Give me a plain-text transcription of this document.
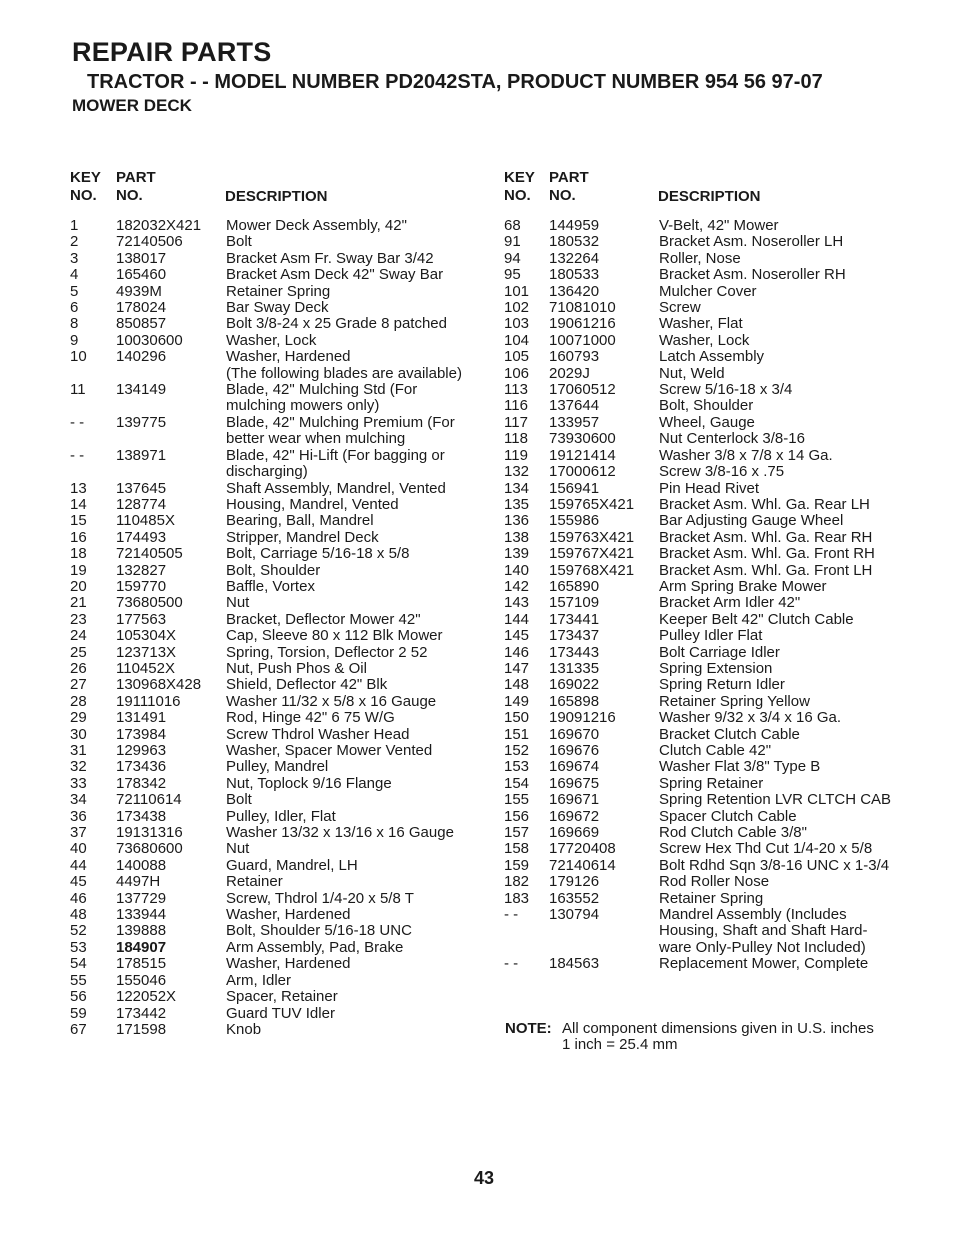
REPAIR PARTS
TRACTOR - - MODEL NUMBER PD2042STA, PRODUCT NUMBER 954 56 97-07
MOWER DECK
KEY
NO.
PART
NO.	DESCRIPTION
1	182032X421 Mower Deck Assembly, 42"
2	72140506	Bolt
3	138017	Bracket Asm Fr. Sway Bar 3/42
4	165460	Bracket Asm Deck 42" Sway Bar
5	4939M	Retainer Spring
6	178024	Bar Sway Deck
8	850857	Bolt 3/8-24 x 25 Grade 8 patched
9	10030600	Washer, Lock
10 140296	Washer, Hardened
(The following blades are available)
11 134149	Blade, 42" Mulching Std (For mulching mowers only)
- - 139775	Blade, 42" Mulching Premium (For better wear when mulching
- - 138971	Blade, 42" Hi-Lift (For bagging or discharging)
13 137645	Shaft Assembly, Mandrel, Vented
14 128774	Housing, Mandrel, Vented
15 110485X	Bearing, Ball, Mandrel
16 174493	Stripper, Mandrel Deck
18 72140505	Bolt, Carriage 5/16-18 x 5/8
19 132827	Bolt, Shoulder
20 159770	Baffle, Vortex
21 73680500	Nut
23 177563	Bracket, Deflector Mower 42"
24 105304X	Cap, Sleeve 80 x 112 Blk Mower
25 123713X	Spring, Torsion, Deflector 2 52
26 110452X	Nut, Push Phos & Oil
27 130968X428 Shield, Deflector 42" Blk
28 19111016	Washer 11/32 x 5/8 x 16 Gauge
29 131491	Rod, Hinge 42" 6 75 W/G
30 173984	Screw Thdrol Washer Head
31 129963	Washer, Spacer Mower Vented
32 173436	Pulley, Mandrel
33 178342	Nut, Toplock 9/16 Flange
34 72110614	Bolt
36 173438	Pulley, Idler, Flat
37 19131316	Washer 13/32 x 13/16 x 16 Gauge
40 73680600	Nut
44 140088	Guard, Mandrel, LH
45 4497H	Retainer
46 137729	Screw, Thdrol 1/4-20 x 5/8 T
48 133944	Washer, Hardened
52 139888	Bolt, Shoulder 5/16-18 UNC
53 184907	Arm Assembly, Pad, Brake
54 178515	Washer, Hardened
55 155046	Arm, Idler
56 122052X	Spacer, Retainer
59 173442	Guard TUV Idler
67 171598	Knob
KEY
NO.
PART
NO.	DESCRIPTION
68 144959	V-Belt, 42" Mower
91 180532	Bracket Asm. Noseroller LH
94 132264	Roller, Nose
95 180533	Bracket Asm. Noseroller RH
101 136420	Mulcher Cover
102 71081010	Screw
103 19061216	Washer, Flat
104 10071000	Washer, Lock
105 160793	Latch Assembly
106 2029J	Nut, Weld
113 17060512	Screw 5/16-18 x 3/4
116 137644	Bolt, Shoulder
117 133957	Wheel, Gauge
118 73930600	Nut Centerlock 3/8-16
119 19121414	Washer 3/8 x 7/8 x 14 Ga.
132 17000612	Screw 3/8-16 x .75
134 156941	Pin Head Rivet
135 159765X421 Bracket Asm. Whl. Ga. Rear LH
136 155986	Bar Adjusting Gauge Wheel
138 159763X421 Bracket Asm. Whl. Ga. Rear RH
139 159767X421 Bracket Asm. Whl. Ga. Front RH
140 159768X421 Bracket Asm. Whl. Ga. Front LH
142 165890	Arm Spring Brake Mower
143 157109	Bracket Arm Idler 42"
144 173441	Keeper Belt 42" Clutch Cable
145 173437	Pulley Idler Flat
146 173443	Bolt Carriage Idler
147 131335	Spring Extension
148 169022	Spring Return Idler
149 165898	Retainer Spring Yellow
150 19091216	Washer 9/32 x 3/4 x 16 Ga.
151 169670	Bracket Clutch Cable
152 169676	Clutch Cable 42"
153 169674	Washer Flat 3/8" Type B
154 169675	Spring Retainer
155 169671	Spring Retention LVR CLTCH CAB
156 169672	Spacer Clutch Cable
157 169669	Rod Clutch Cable 3/8"
158 17720408	Screw Hex Thd Cut 1/4-20 x 5/8
159 72140614	Bolt Rdhd Sqn 3/8-16 UNC x 1-3/4
182 179126	Rod Roller Nose
183 163552	Retainer Spring
- - 130794	Mandrel Assembly (Includes Housing, Shaft and Shaft Hard-ware Only-Pulley Not Included)
- - 184563	Replacement Mower, Complete
NOTE: All component dimensions given in U.S. inches
1 inch = 25.4 mm
43
